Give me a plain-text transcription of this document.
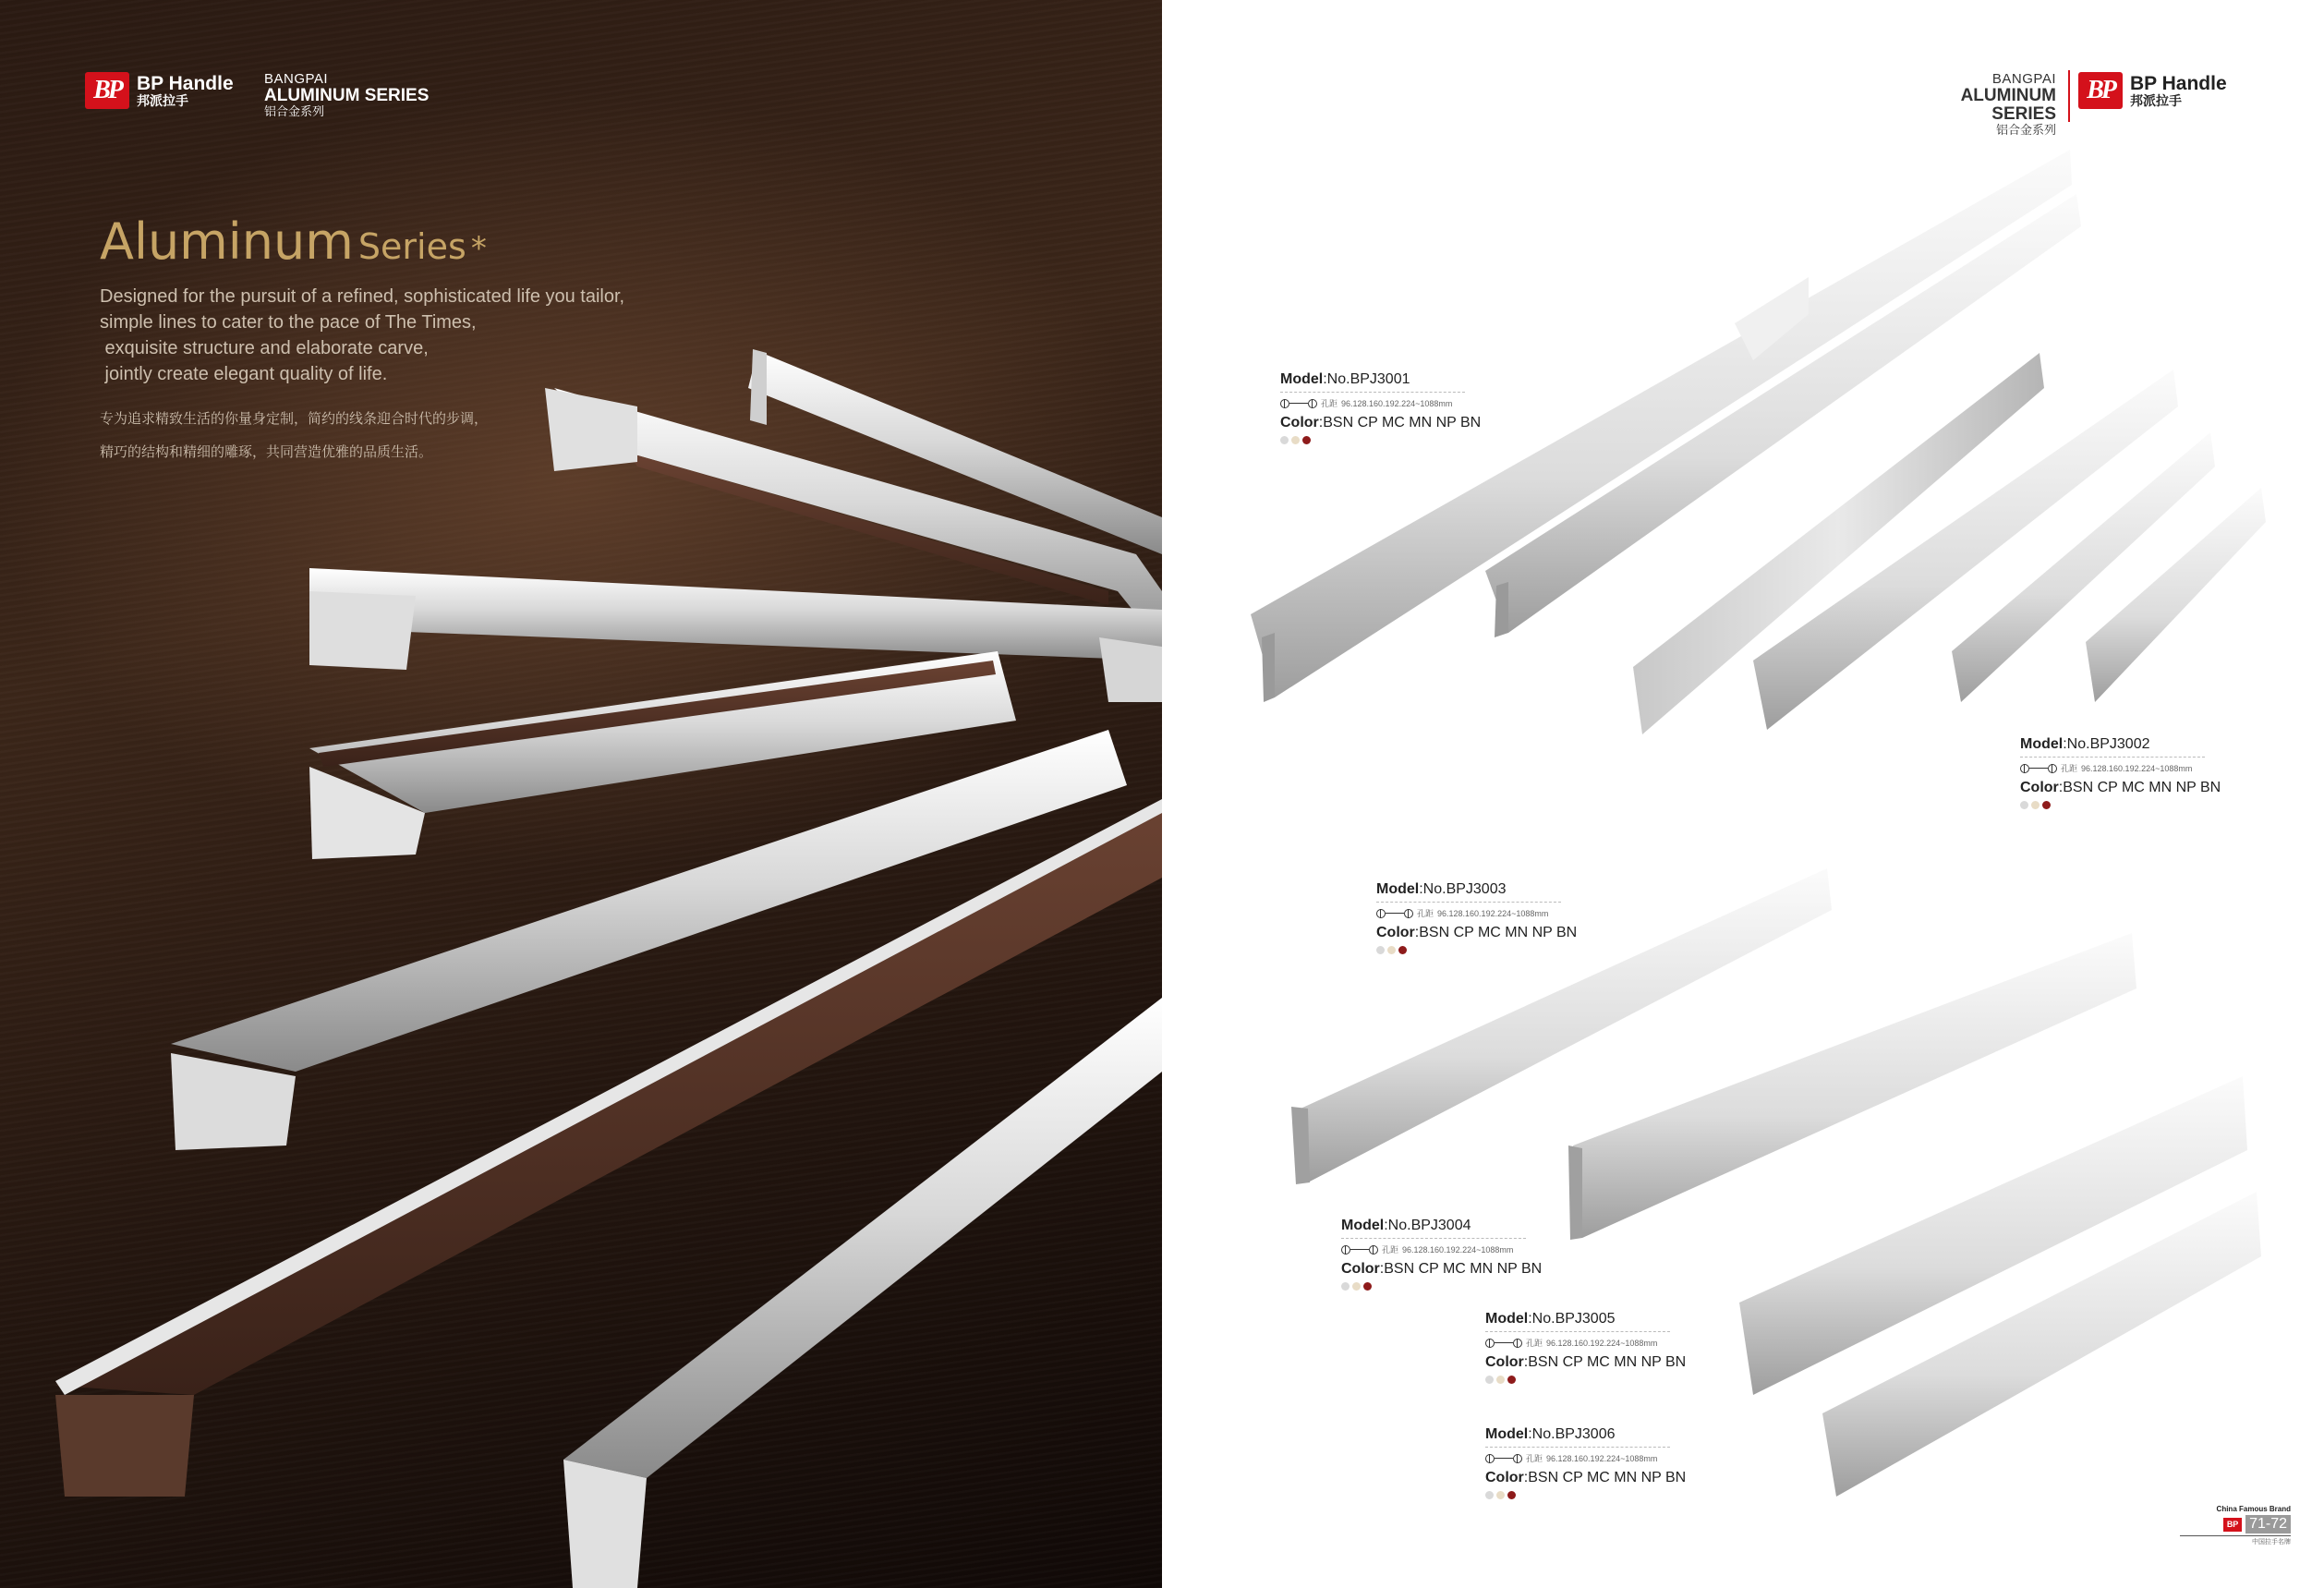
BP BP Handle
邦派拉手
BANGPAI
ALUMINUM SERIES
铝合金系列
Aluminum Series *
Designed for the pursuit of a refined, sophisticated life you tailor,
simple lines to cater to the pace of The Times,
exquisite structure and elaborate carve,
jointly create elegant quality of life.
专为追求精致生活的你量身定制，简约的线条迎合时代的步调，
精巧的结构和精细的雕琢，共同营造优雅的品质生活。
BP BP Handle
邦派拉手
BANGPAI
ALUMINUM SERIES
铝合金系列
Model:No.BPJ3001
孔距 96.128.160.192.224~1088mm
Color:BSN CP MC MN NP BN
Model:No.BPJ3002
孔距 96.128.160.192.224~1088mm
Color:BSN CP MC MN NP BN
Model:No.BPJ3003
孔距 96.128.160.192.224~1088mm
Color:BSN CP MC MN NP BN
Model:No.BPJ3004
孔距 96.128.160.192.224~1088mm
Color:BSN CP MC MN NP BN
Model:No.BPJ3005
孔距 96.128.160.192.224~1088mm
Color:BSN CP MC MN NP BN
Model:No.BPJ3006
孔距 96.128.160.192.224~1088mm
Color:BSN CP MC MN NP BN
China Famous Brand
BP 71-72
中国拉手名牌
